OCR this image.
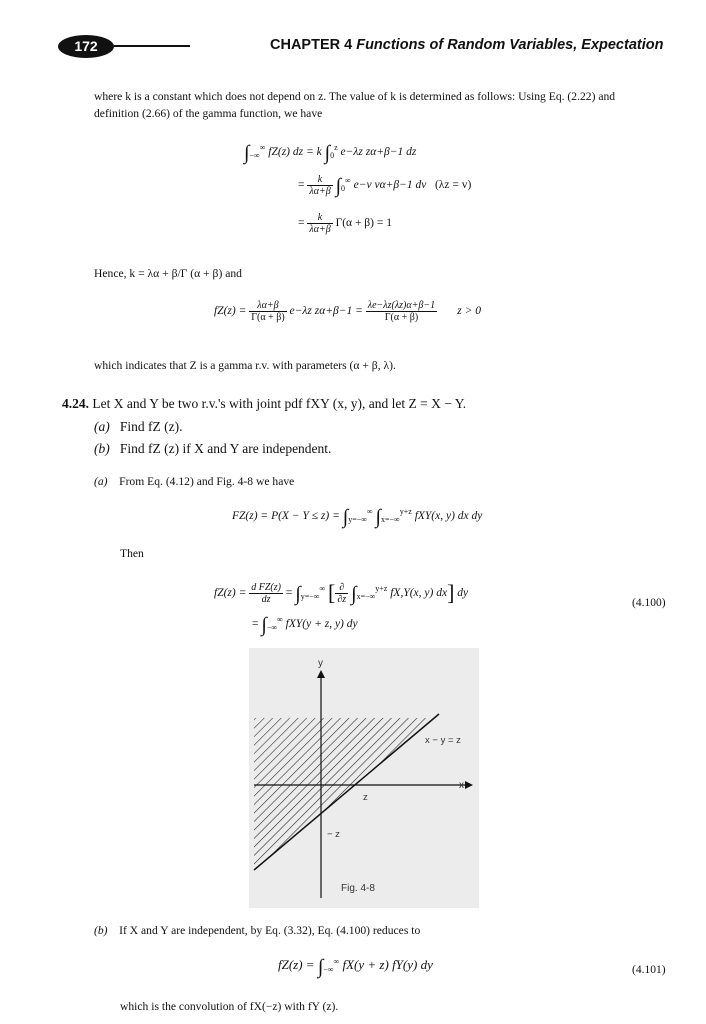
172	CHAPTER 4 Functions of Random Variables, Expectation
where k is a constant which does not depend on z. The value of k is determined as follows: Using Eq. (2.22) and
definition (2.66) of the gamma function, we have
$\int_{-\infty}^\infty$ fZ(z) dz = k $\int_0^z$ e−λz zα+β−1 dz
= $\frac{k}{\lambda\alpha+\beta} \int_0^\infty$ e−v vα+β−1 dv (λz = v)
= $\frac{k}{\lambda\alpha+\beta} \Gamma(\alpha + \beta) = 1$
Hence, k = λα + β/Γ (α + β) and
$fZ(z) = \frac{\lambda\alpha+\beta}{\Gamma(\alpha + \beta)} e-\lambda z$ $z\alpha+\beta-1 = \frac{\lambda e-\lambda z(\lambda z)\alpha+\beta-1}{\Gamma(\alpha + \beta)}$ z > 0
which indicates that Z is a gamma r.v. with parameters (α + β, λ).
4.24. Let X and Y be two r.v.'s with joint pdf fXY (x, y), and let Z = X − Y.
(a) Find fZ (z).
(b) Find fZ (z) if X and Y are independent.
(a) From Eq. (4.12) and Fig. 4-8 we have
$FZ(z) = P(X - Y \le z) = \int_{y=-\infty}^\infty$ $\int_{x=-\infty}^{y+z}$ fXY(x, y) dx dy
Then
$fZ(z) = \frac{\text{d FZ(z)}}{dz} = \int_{y=-\infty}^\infty$ [ $\frac{\partial}{\partial z} \int_{x=-\infty}^{y+z}$ fX,Y(x, y) dx] dy
(4.100)
= $\int_{-\infty}^\infty$ fXY(y + z, y) dy
y
x
x − y = z
z
− z
Fig. 4-8
(b) If X and Y are independent, by Eq. (3.32), Eq. (4.100) reduces to
$fZ(z) = \int_{-\infty}^\infty$ fX(y + z) fY(y) dy	(4.101)
which is the convolution of fX(−z) with fY (z).
